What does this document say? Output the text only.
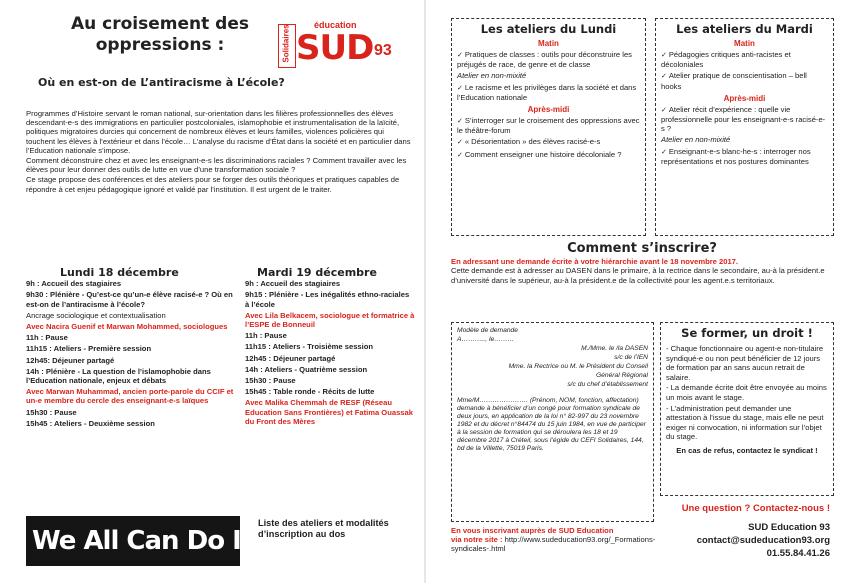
Au croisement des
oppressions :
Où en est-on de L’antiracisme à L’école?
Solidaires	éducation
SUD 93

Programmes d’Histoire servant le roman national, sur-orientation dans les filières professionnelles des élèves descendant-e-s des immigrations en particulier postcoloniales, islamophobie et instrumentalisation de la laïcité, politiques migratoires durcies qui concernent de nombreux élèves et leurs familles, violences policières qui touchent les élèves à l’extérieur et dans l’école… L’analyse du racisme d’État dans la société et en particulier dans l’Education nationale s’impose.

Comment déconstruire chez et avec les enseignant-e-s les discriminations raciales ? Comment travailler avec les élèves pour leur donner des outils de lutte en vue d’une transformation sociale ?

Ce stage propose des conférences et des ateliers pour se forger des outils théoriques et pratiques capables de répondre à cet enjeu pédagogique ignoré et validé par l’institution. Il est urgent de le traiter.

Lundi 18 décembre
9h : Accueil des stagiaires
9h30 : Plénière - Qu’est-ce qu’un-e élève racisé-e ? Où en est-on de l’antiracisme à l’école?
Ancrage sociologique et contextualisation
Avec Nacira Guenif et Marwan Mohammed, sociologues
11h : Pause
11h15 : Ateliers - Première session
12h45: Déjeuner partagé
14h : Plénière - La question de l’islamophobie dans l’Education nationale, enjeux et débats
Avec Marwan Muhammad, ancien porte-parole du CCIF et un-e membre du cercle des enseignant-e-s laïques
15h30 : Pause
15h45 : Ateliers - Deuxième session
Mardi 19 décembre
9h : Accueil des stagiaires
9h15 : Plénière - Les inégalités ethno-raciales à l’école
Avec Lila Belkacem, sociologue et formatrice à l’ESPE de Bonneuil
11h : Pause
11h15 : Ateliers - Troisième session
12h45 : Déjeuner partagé
14h : Ateliers - Quatrième session
15h30 : Pause
15h45 : Table ronde - Récits de lutte
Avec Malika Chemmah de RESF (Réseau Education Sans Frontières) et Fatima Ouassak du Front des Mères
We All Can Do It !
Liste des ateliers et modalités d’inscription au dos
Les ateliers du Lundi
Matin
✓ Pratiques de classes : outils pour déconstruire les préjugés de race, de genre et de classe
Atelier en non-mixité
✓ Le racisme et les privilèges dans la société et dans l’Education nationale
Après-midi
✓ S’interroger sur le croisement des oppressions avec le théâtre-forum
✓ « Désorientation » des élèves racisé-e-s
✓ Comment enseigner une histoire décoloniale ?
Les ateliers du Mardi
Matin
✓ Pédagogies critiques anti-racistes et décoloniales
✓ Atelier pratique de conscientisation – bell hooks
Après-midi
✓ Atelier récit d’expérience : quelle vie professionnelle pour les enseignant-e-s racisé-e-s ?
Atelier en non-mixité
✓ Enseignant-e-s blanc-he-s : interroger nos représentations et nos postures dominantes
Comment s’inscrire?
En adressant une demande écrite à votre hiérarchie avant le 18 novembre 2017.
Cette demande est à adresser au DASEN dans le primaire, à la rectrice dans le secondaire, au-à la président.e d’université dans le supérieur, au-à la président.e de la collectivité pour les agent.e.s territoriaux.
Modèle de demande
A……….., le………
M./Mme. le /la DASEN
s/c de l’IEN
Mme. la Rectrice ou M. le Président du Conseil
Général Régional
s/c du chef d’établissement
Mme/M…………………. (Prénom, NOM, fonction, affectation) demande à bénéficier d’un congé pour formation syndicale de deux jours, en application de la loi n° 82-997 du 23 novembre 1982 et du décret n°84474 du 15 juin 1984, en vue de participer à la session de formation qui se déroulera les 18 et 19 décembre 2017 à Créteil, sous l’égide du CEFI Solidaires, 144, bd de la Villette, 75019 Paris.
Se former, un droit !
- Chaque fonctionnaire ou agent-e non-titulaire syndiqué-e ou non peut bénéficier de 12 jours de formation par an sans aucun retrait de salaire.
- La demande écrite doit être envoyée au moins un mois avant le stage.
- L’administration peut demander une attestation à l’issue du stage, mais elle ne peut exiger ni convocation, ni information sur l’objet du stage.
En cas de refus, contactez le syndicat !
En vous inscrivant auprès de SUD Education
via notre site : http://www.sudeducation93.org/_Formations-syndicales-.html
Une question ? Contactez-nous !
SUD Education 93
contact@sudeducation93.org
01.55.84.41.26
